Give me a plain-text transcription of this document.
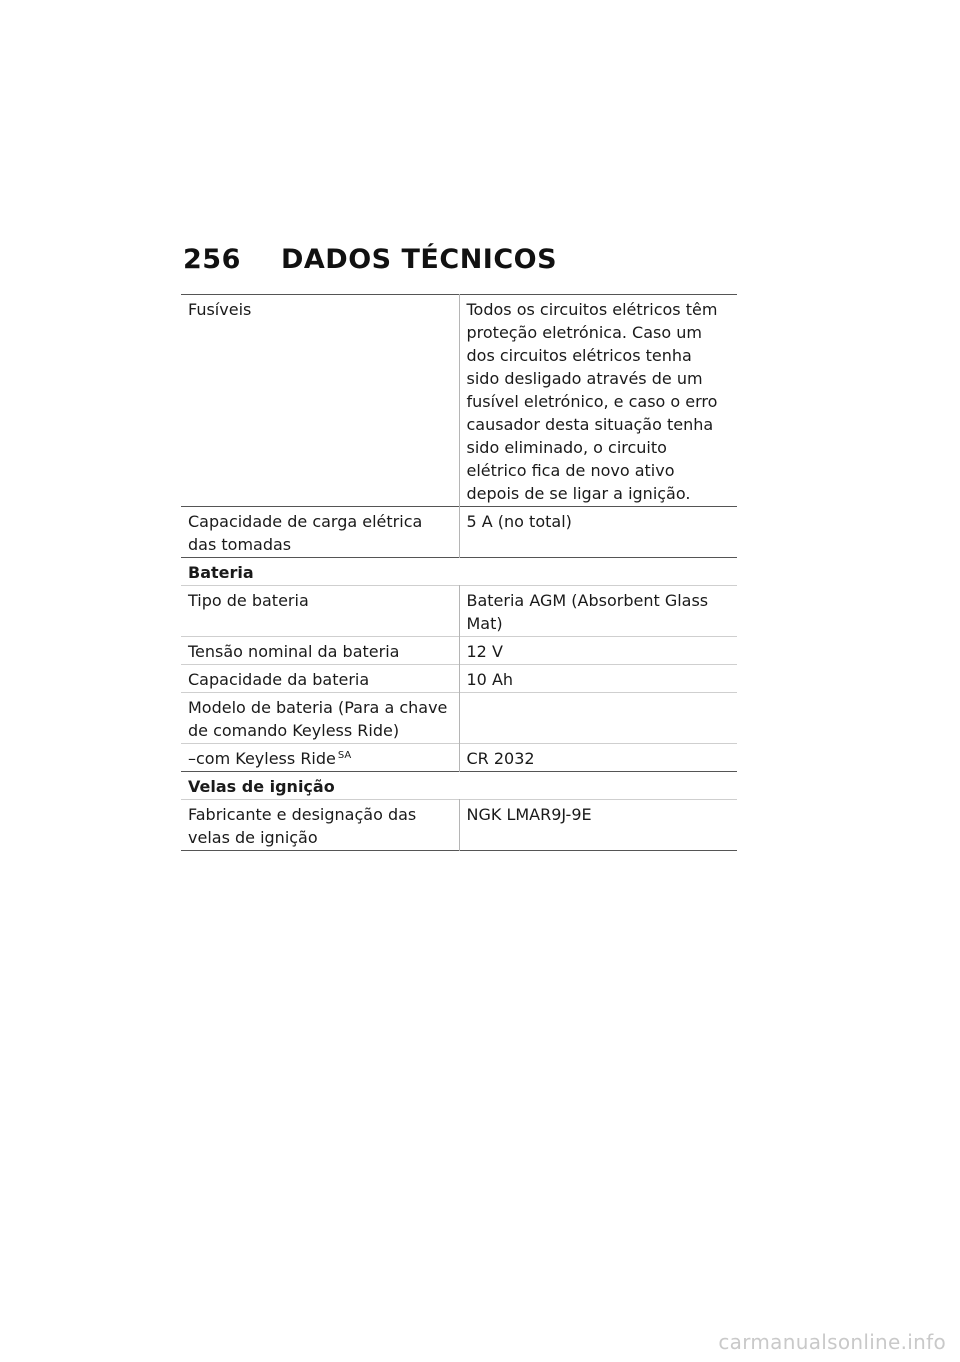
256	DADOS TÉCNICOS
Fusíveis	Todos os circuitos elétricos têm proteção eletrónica. Caso um dos circuitos elétricos tenha sido desligado através de um fusível eletrónico, e caso o erro causador desta situação tenha sido eliminado, o circuito elétrico fica de novo ativo depois de se ligar a ignição.
Capacidade de carga elétrica das tomadas	5 A (no total)
Bateria	
Tipo de bateria	Bateria AGM (Absorbent Glass Mat)
Tensão nominal da bateria	12 V
Capacidade da bateria	10 Ah
Modelo de bateria (Para a chave de comando Keyless Ride)	
–com Keyless Ride $^{SA}$	CR 2032
Velas de ignição	
Fabricante e designação das velas de ignição	NGK LMAR9J-9E
carmanualsonline.info
